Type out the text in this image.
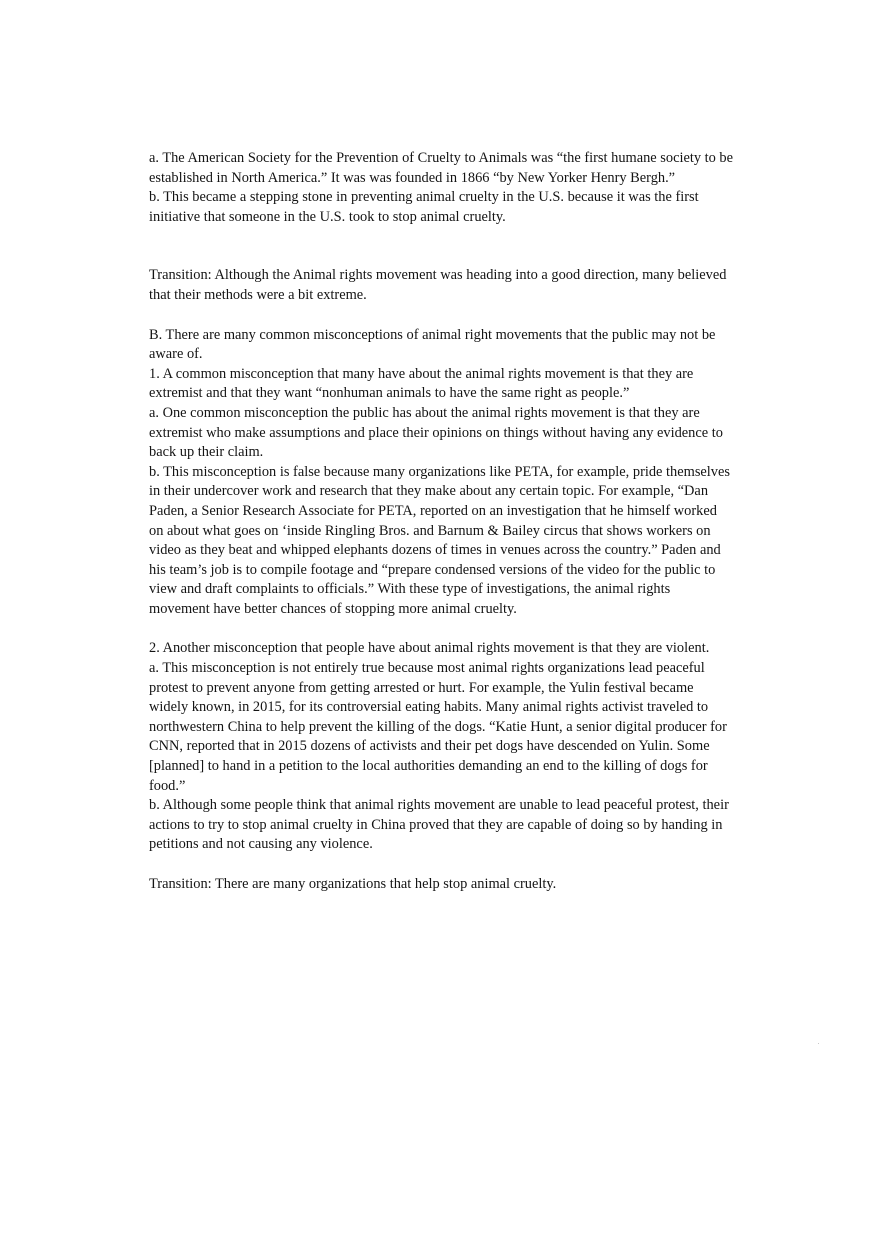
a. The American Society for the Prevention of Cruelty to Animals was “the first humane society to be established in North America.” It was was founded in 1866 “by New Yorker Henry Bergh.”

b. This became a stepping stone in preventing animal cruelty in the U.S. because it was the first initiative that someone in the U.S. took to stop animal cruelty.

Transition: Although the Animal rights movement was heading into a good direction, many believed that their methods were a bit extreme.

B. There are many common misconceptions of animal right movements that the public may not be aware of.

1. A common misconception that many have about the animal rights movement is that they are extremist and that they want “nonhuman animals to have the same right as people.”

a. One common misconception the public has about the animal rights movement is that they are extremist who make assumptions and place their opinions on things without having any evidence to back up their claim.

b. This misconception is false because many organizations like PETA, for example, pride themselves in their undercover work and research that they make about any certain topic. For example, “Dan Paden, a Senior Research Associate for PETA, reported on an investigation that he himself worked on about what goes on ‘inside Ringling Bros. and Barnum & Bailey circus that shows workers on video as they beat and whipped elephants dozens of times in venues across the country.” Paden and his team’s job is to compile footage and “prepare condensed versions of the video for the public to view and draft complaints to officials.” With these type of investigations, the animal rights movement have better chances of stopping more animal cruelty.

2. Another misconception that people have about animal rights movement is that they are violent.

a. This misconception is not entirely true because most animal rights organizations lead peaceful protest to prevent anyone from getting arrested or hurt. For example, the Yulin festival became widely known, in 2015, for its controversial eating habits. Many animal rights activist traveled to northwestern China to help prevent the killing of the dogs. “Katie Hunt, a senior digital producer for CNN, reported that in 2015 dozens of activists and their pet dogs have descended on Yulin. Some [planned] to hand in a petition to the local authorities demanding an end to the killing of dogs for food.”

b. Although some people think that animal rights movement are unable to lead peaceful protest, their actions to try to stop animal cruelty in China proved that they are capable of doing so by handing in petitions and not causing any violence.

Transition: There are many organizations that help stop animal cruelty.
